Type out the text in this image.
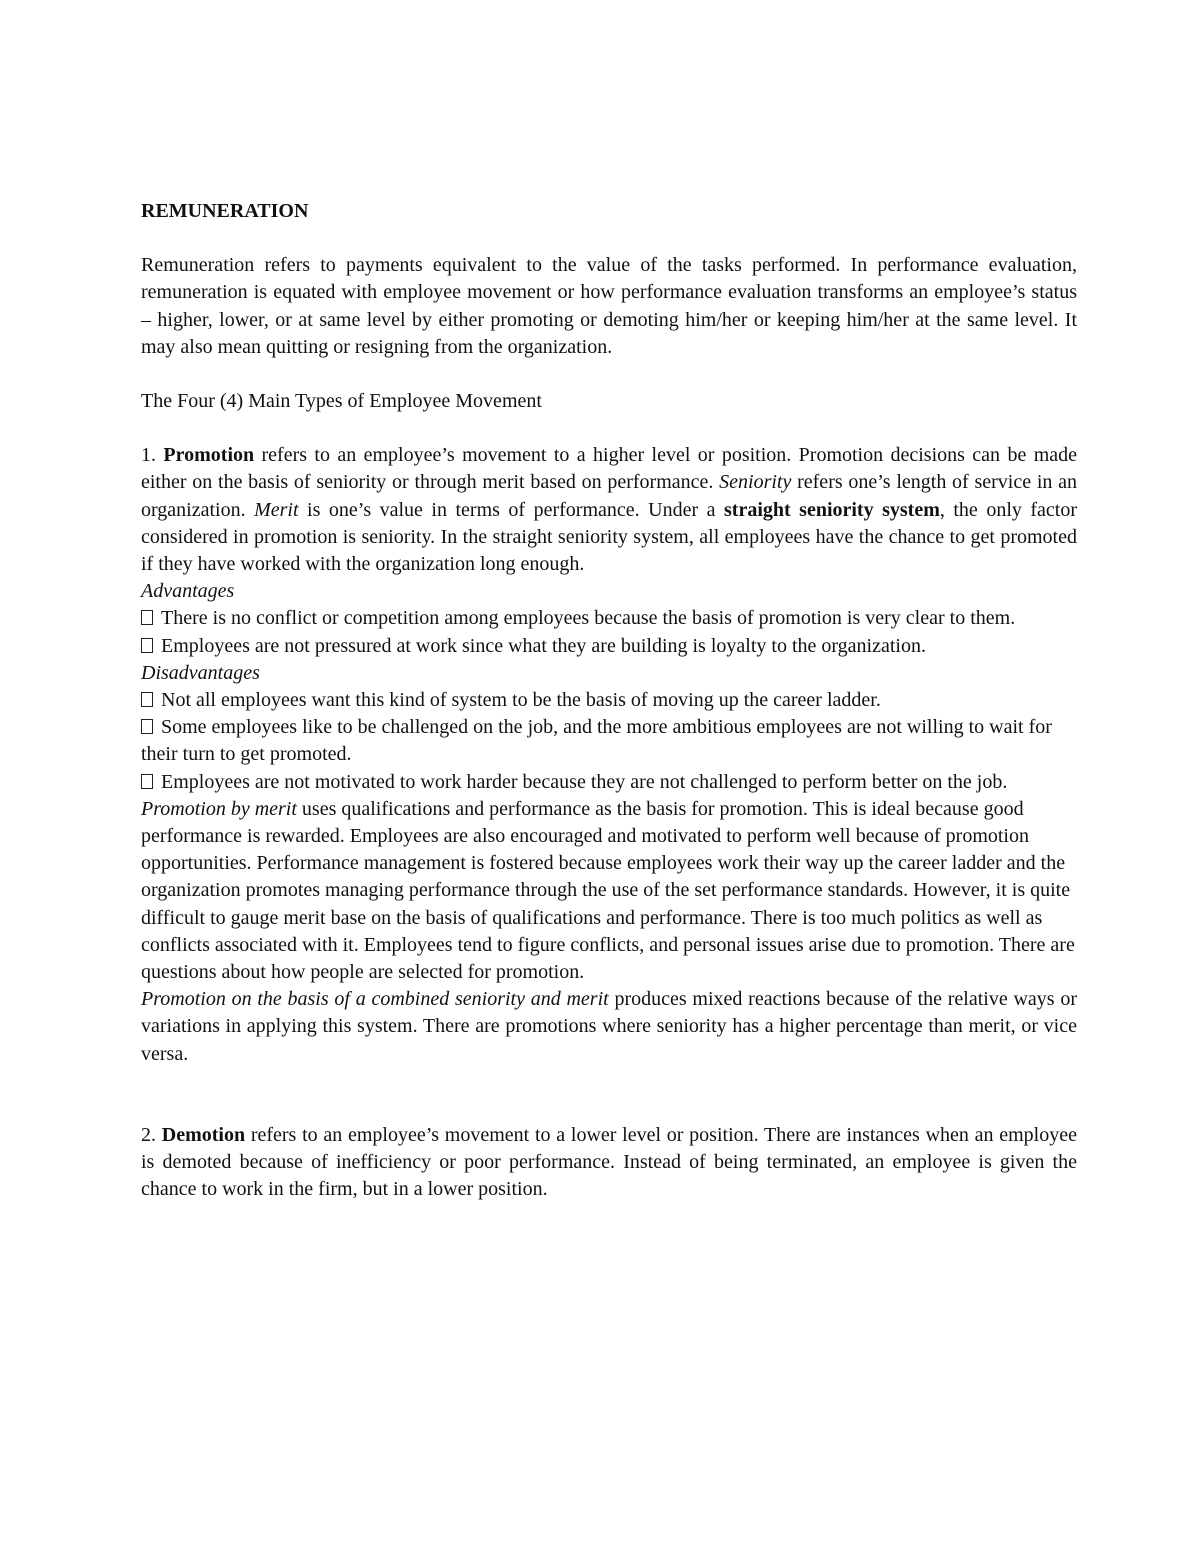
REMUNERATION

Remuneration refers to payments equivalent to the value of the tasks performed. In performance evaluation, remuneration is equated with employee movement or how performance evaluation transforms an employee’s status – higher, lower, or at same level by either promoting or demoting him/her or keeping him/her at the same level. It may also mean quitting or resigning from the organization.

The Four (4) Main Types of Employee Movement

1. Promotion refers to an employee’s movement to a higher level or position. Promotion decisions can be made either on the basis of seniority or through merit based on performance. Seniority refers one’s length of service in an organization. Merit is one’s value in terms of performance. Under a straight seniority system, the only factor considered in promotion is seniority. In the straight seniority system, all employees have the chance to get promoted if they have worked with the organization long enough.

Advantages

There is no conflict or competition among employees because the basis of promotion is very clear to them.

Employees are not pressured at work since what they are building is loyalty to the organization.

Disadvantages

Not all employees want this kind of system to be the basis of moving up the career ladder.

Some employees like to be challenged on the job, and the more ambitious employees are not willing to wait for their turn to get promoted.

Employees are not motivated to work harder because they are not challenged to perform better on the job.

Promotion by merit uses qualifications and performance as the basis for promotion. This is ideal because good performance is rewarded. Employees are also encouraged and motivated to perform well because of promotion opportunities. Performance management is fostered because employees work their way up the career ladder and the organization promotes managing performance through the use of the set performance standards. However, it is quite difficult to gauge merit base on the basis of qualifications and performance. There is too much politics as well as conflicts associated with it. Employees tend to figure conflicts, and personal issues arise due to promotion. There are questions about how people are selected for promotion.

Promotion on the basis of a combined seniority and merit produces mixed reactions because of the relative ways or variations in applying this system. There are promotions where seniority has a higher percentage than merit, or vice versa.

2. Demotion refers to an employee’s movement to a lower level or position. There are instances when an employee is demoted because of inefficiency or poor performance. Instead of being terminated, an employee is given the chance to work in the firm, but in a lower position.
